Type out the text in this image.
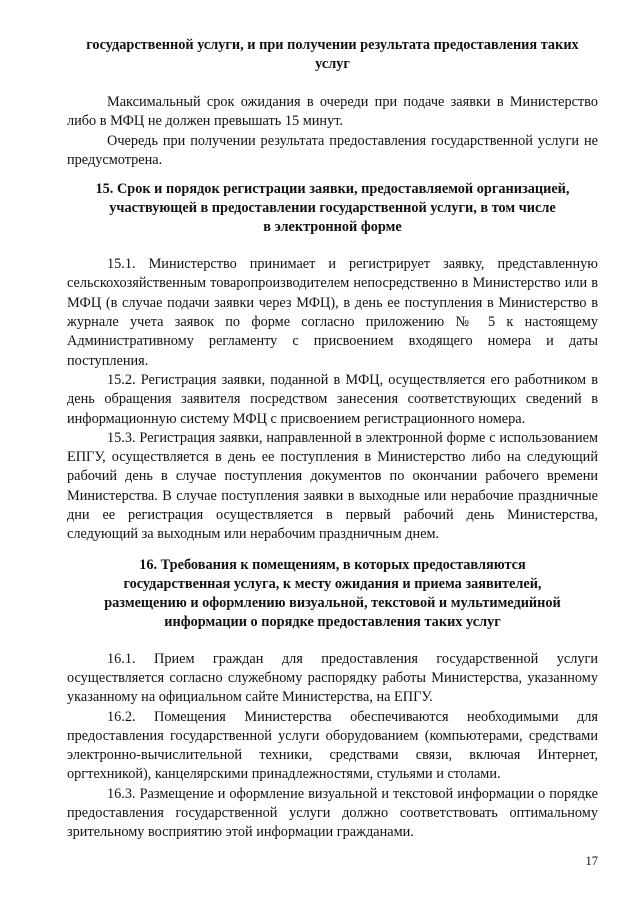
государственной услуги, и при получении результата предоставления таких
услуг
Максимальный срок ожидания в очереди при подаче заявки в Министерство либо в МФЦ не должен превышать 15 минут.
Очередь при получении результата предоставления государственной услуги не предусмотрена.
15. Срок и порядок регистрации заявки, предоставляемой организацией,
участвующей в предоставлении государственной услуги, в том числе
в электронной форме
15.1. Министерство принимает и регистрирует заявку, представленную сельскохозяйственным товаропроизводителем непосредственно в Министерство или в МФЦ (в случае подачи заявки через МФЦ), в день ее поступления в Министерство в журнале учета заявок по форме согласно приложению № 5 к настоящему Административному регламенту с присвоением входящего номера и даты поступления.
15.2. Регистрация заявки, поданной в МФЦ, осуществляется его работником в день обращения заявителя посредством занесения соответствующих сведений в информационную систему МФЦ с присвоением регистрационного номера.
15.3. Регистрация заявки, направленной в электронной форме с использованием ЕПГУ, осуществляется в день ее поступления в Министерство либо на следующий рабочий день в случае поступления документов по окончании рабочего времени Министерства. В случае поступления заявки в выходные или нерабочие праздничные дни ее регистрация осуществляется в первый рабочий день Министерства, следующий за выходным или нерабочим праздничным днем.
16. Требования к помещениям, в которых предоставляются
государственная услуга, к месту ожидания и приема заявителей,
размещению и оформлению визуальной, текстовой и мультимедийной
информации о порядке предоставления таких услуг
16.1. Прием граждан для предоставления государственной услуги осуществляется согласно служебному распорядку работы Министерства, указанному указанному на официальном сайте Министерства, на ЕПГУ.
16.2. Помещения Министерства обеспечиваются необходимыми для предоставления государственной услуги оборудованием (компьютерами, средствами электронно-вычислительной техники, средствами связи, включая Интернет, оргтехникой), канцелярскими принадлежностями, стульями и столами.
16.3. Размещение и оформление визуальной и текстовой информации о порядке предоставления государственной услуги должно соответствовать оптимальному зрительному восприятию этой информации гражданами.
17
